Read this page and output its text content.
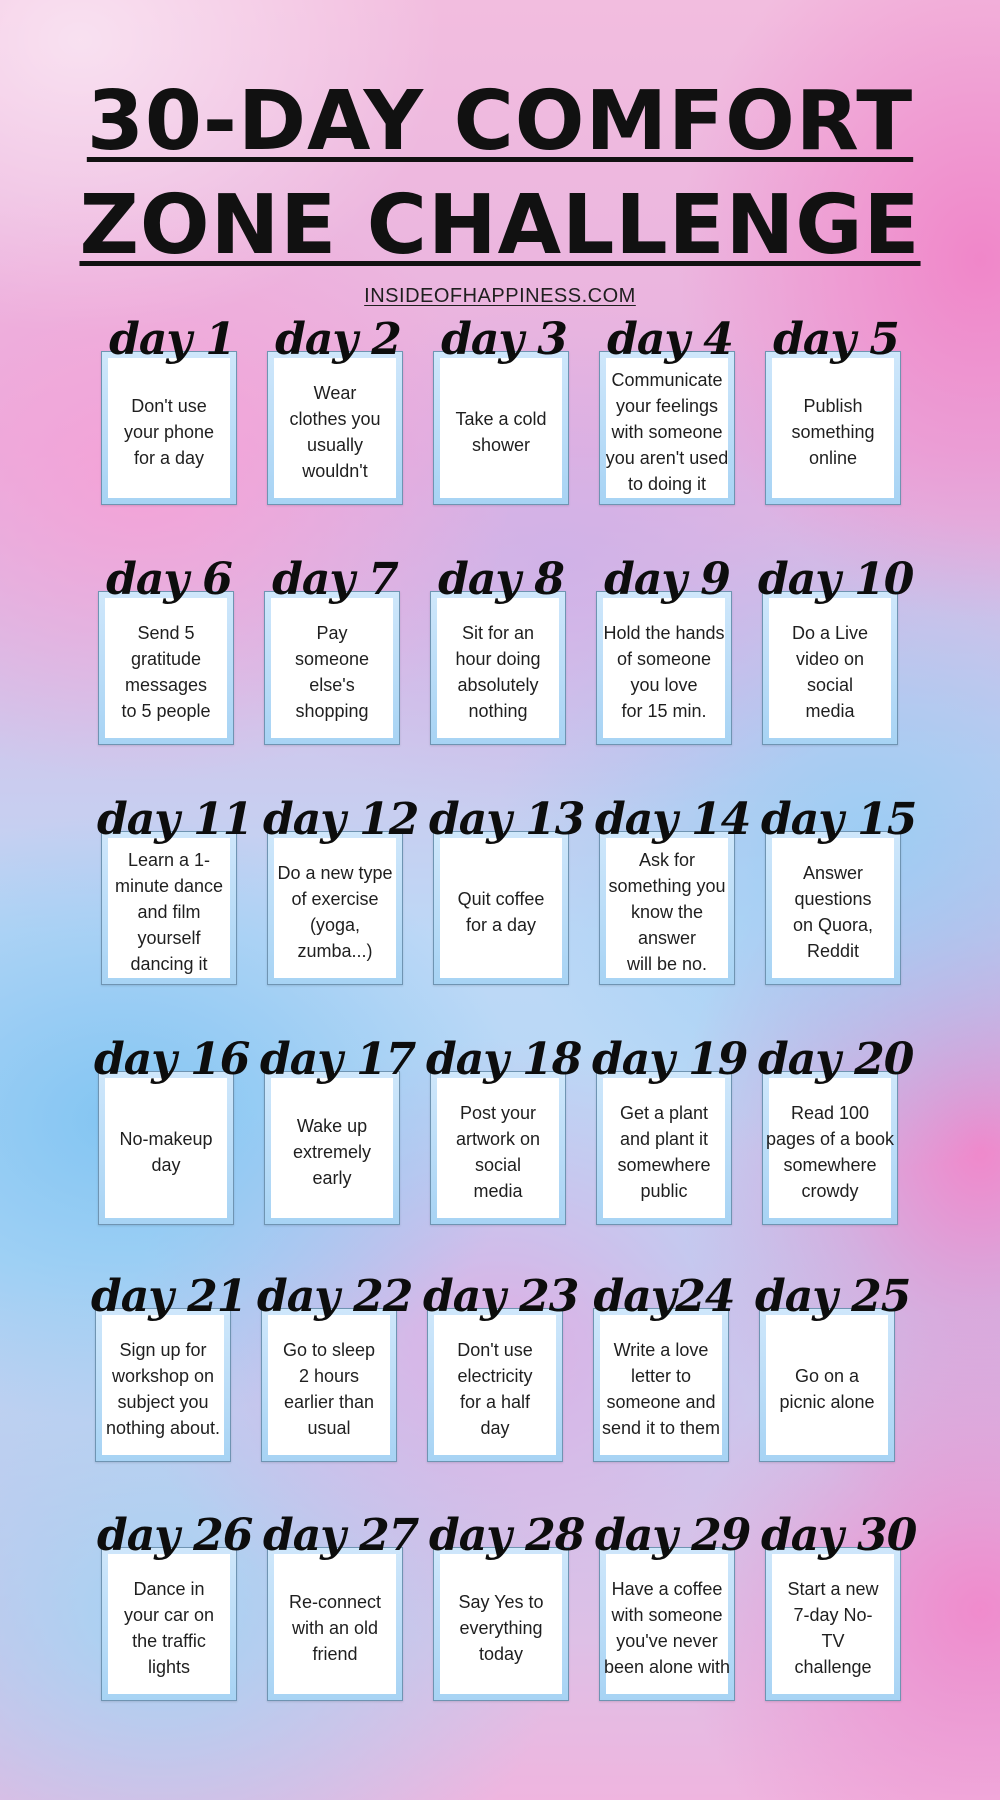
30-DAY COMFORT
ZONE CHALLENGE
INSIDEOFHAPPINESS.COM
Don't use
your phone
for a day
day 1
Wear
clothes you
usually
wouldn't
day 2
Take a cold
shower
day 3
Communicate
your feelings
with someone
you aren't used
to doing it
day 4
Publish
something
online
day 5
Send 5
gratitude
messages
to 5 people
day 6
Pay
someone
else's
shopping
day 7
Sit for an
hour doing
absolutely
nothing
day 8
Hold the hands
of someone
you love
for 15 min.
day 9
Do a Live
video on
social
media
day 10
Learn a 1-
minute dance
and film
yourself
dancing it
day 11
Do a new type
of exercise
(yoga,
zumba...)
day 12
Quit coffee
for a day
day 13
Ask for
something you
know the answer
will be no.
day 14
Answer
questions
on Quora,
Reddit
day 15
No-makeup
day
day 16
Wake up
extremely
early
day 17
Post your
artwork on
social
media
day 18
Get a plant
and plant it
somewhere
public
day 19
Read 100
pages of a book
somewhere
crowdy
day 20
Sign up for
workshop on
subject you
nothing about.
day 21
Go to sleep
2 hours
earlier than
usual
day 22
Don't use
electricity
for a half
day
day 23
Write a love
letter to
someone and
send it to them
day24
Go on a
picnic alone
day 25
Dance in
your car on
the traffic
lights
day 26
Re-connect
with an old
friend
day 27
Say Yes to
everything
today
day 28
Have a coffee
with someone
you've never
been alone with
day 29
Start a new
7-day No-
TV
challenge
day 30
